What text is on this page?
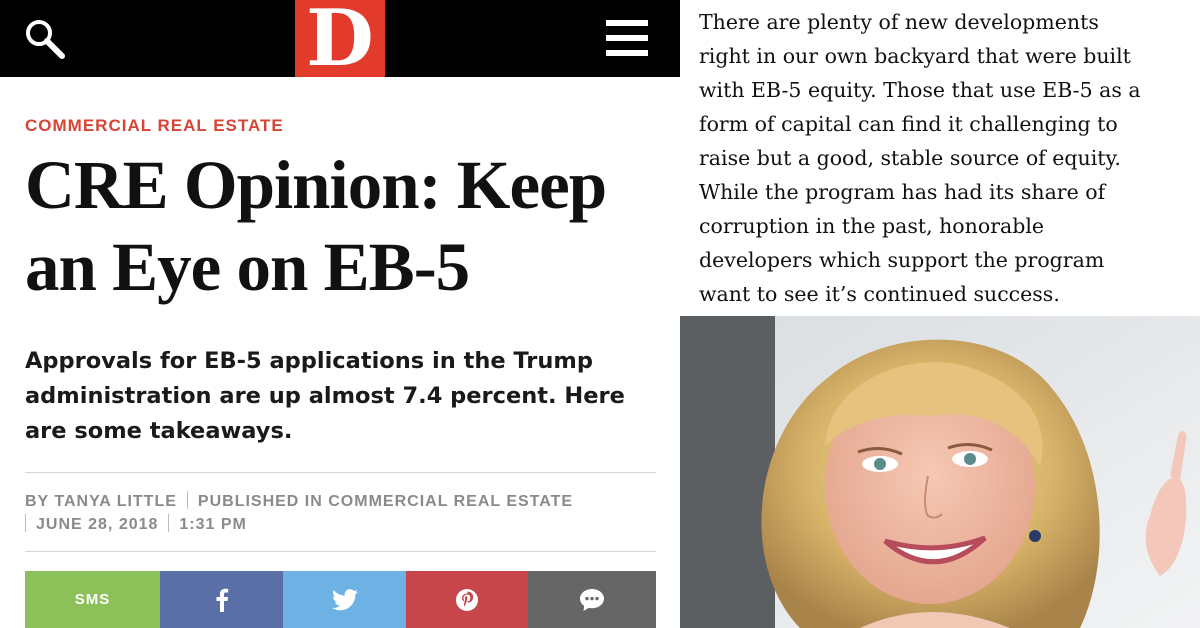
D
COMMERCIAL REAL ESTATE
CRE Opinion: Keep
an Eye on EB-5
Approvals for EB-5 applications in the Trump
administration are up almost 7.4 percent. Here
are some takeaways.
BY TANYA LITTLE PUBLISHED IN COMMERCIAL REAL ESTATE
JUNE 28, 2018 1:31 PM
SMS
There are plenty of new developments
right in our own backyard that were built
with EB-5 equity. Those that use EB-5 as a
form of capital can find it challenging to
raise but a good, stable source of equity.
While the program has had its share of
corruption in the past, honorable
developers which support the program
want to see it’s continued success.
